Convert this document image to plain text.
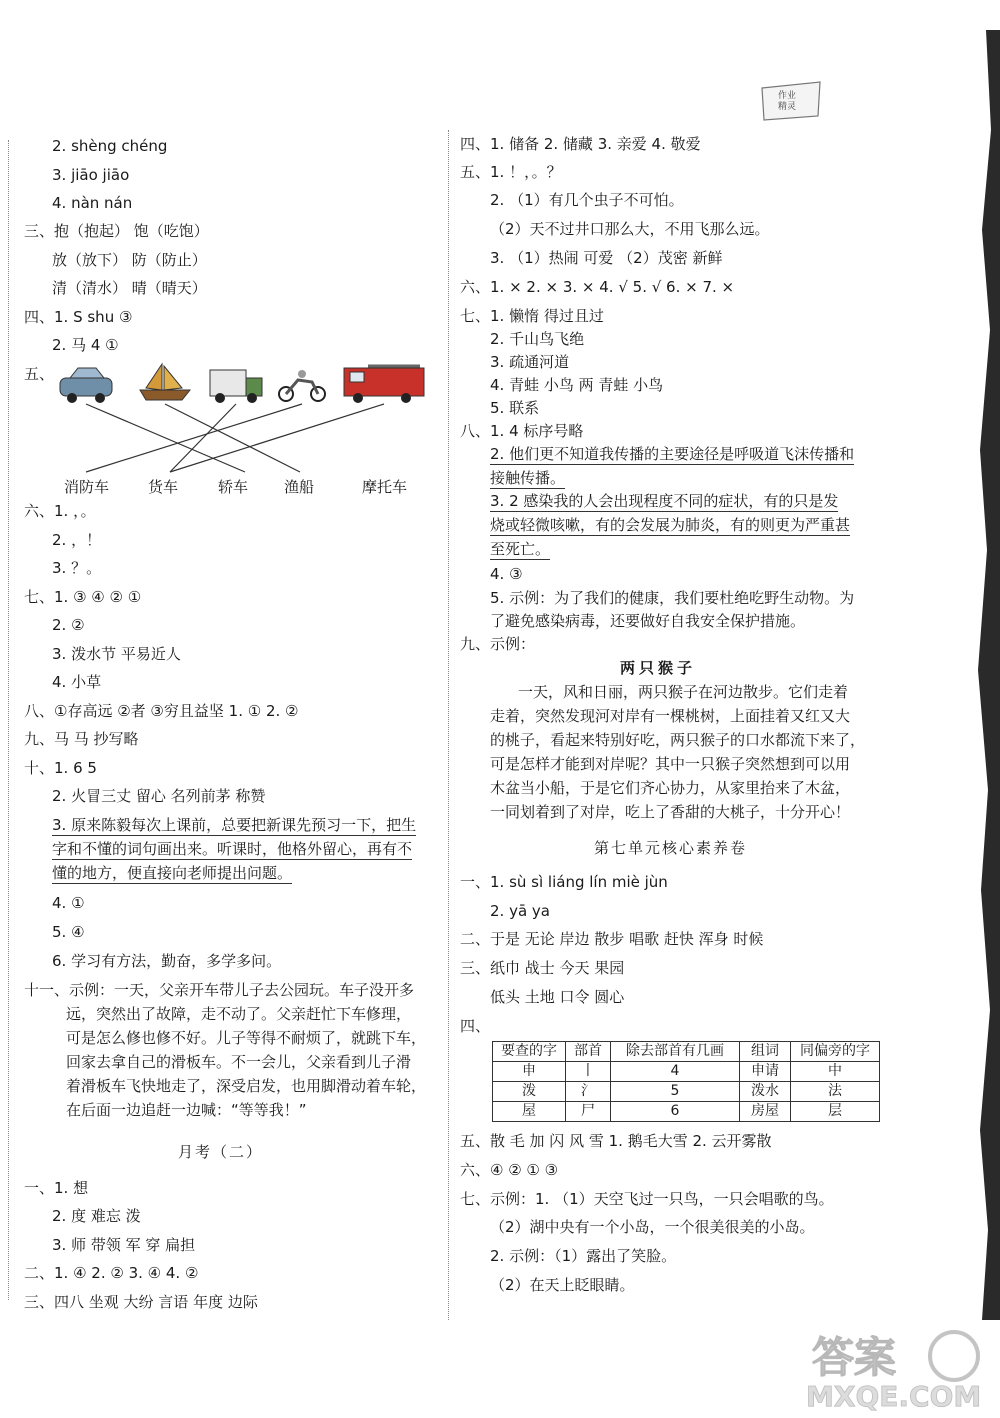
作业
精灵
2. shèng chéng
3. jiāo jiāo
4. nàn nán
三、抱（抱起） 饱（吃饱）
放（放下） 防（防止）
清（清水） 晴（晴天）
四、1. S shu ③
2. 马 4 ①
五、
消防车	货车	轿车 渔船	摩托车
六、1. ，。
2. ，！
3. ？。
七、1. ③ ④ ② ①
2. ②
3. 泼水节 平易近人
4. 小草
八、①存高远 ②者 ③穷且益坚 1. ① 2. ②
九、马 马 抄写略
十、1. 6 5
2. 火冒三丈 留心 名列前茅 称赞
3. 原来陈毅每次上课前，总要把新课先预习一下，把生
字和不懂的词句画出来。听课时，他格外留心，再有不
懂的地方，便直接向老师提出问题。
4. ①
5. ④
6. 学习有方法，勤奋，多学多问。
十一、示例：一天，父亲开车带儿子去公园玩。车子没开多
远，突然出了故障，走不动了。父亲赶忙下车修理，
可是怎么修也修不好。儿子等得不耐烦了，就跳下车，
回家去拿自己的滑板车。不一会儿，父亲看到儿子滑
着滑板车飞快地走了，深受启发，也用脚滑动着车轮，
在后面一边追赶一边喊：“等等我！”
月考（二）
一、1. 想
2. 度 难忘 泼
3. 师 带领 军 穿 扁担
二、1. ④ 2. ② 3. ④ 4. ②
三、四八 坐观 大纷 言语 年度 边际
四、1. 储备 2. 储藏 3. 亲爱 4. 敬爱
五、1. ！，。？
2. （1）有几个虫子不可怕。
（2）天不过井口那么大，不用飞那么远。
3. （1）热闹 可爱 （2）茂密 新鲜
六、1. × 2. × 3. × 4. √ 5. √ 6. × 7. ×
七、1. 懒惰 得过且过
2. 千山鸟飞绝
3. 疏通河道
4. 青蛙 小鸟 两 青蛙 小鸟
5. 联系
八、1. 4 标序号略
2. 他们更不知道我传播的主要途径是呼吸道飞沫传播和
接触传播。
3. 2 感染我的人会出现程度不同的症状，有的只是发
烧或轻微咳嗽，有的会发展为肺炎，有的则更为严重甚
至死亡。
4. ③
5. 示例：为了我们的健康，我们要杜绝吃野生动物。为
了避免感染病毒，还要做好自我安全保护措施。
九、示例：
两只猴子
一天，风和日丽，两只猴子在河边散步。它们走着
走着，突然发现河对岸有一棵桃树，上面挂着又红又大
的桃子，看起来特别好吃，两只猴子的口水都流下来了，
可是怎样才能到对岸呢？其中一只猴子突然想到可以用
木盆当小船，于是它们齐心协力，从家里抬来了木盆，
一同划着到了对岸，吃上了香甜的大桃子，十分开心！
第七单元核心素养卷
一、1. sù sì liáng lín miè jùn
2. yā ya
二、于是 无论 岸边 散步 唱歌 赶快 浑身 时候
三、纸巾 战士 今天 果园
低头 土地 口令 圆心
四、
要查的字	部首	除去部首有几画	组词	同偏旁的字
申	丨	4	申请	中
泼	氵	5	泼水	法
屋	尸	6	房屋	层
五、散 毛 加 闪 风 雪 1. 鹅毛大雪 2. 云开雾散
六、④ ② ① ③
七、示例：1. （1）天空飞过一只鸟，一只会唱歌的鸟。
（2）湖中央有一个小岛，一个很美很美的小岛。
2. 示例：（1）露出了笑脸。
（2）在天上眨眼睛。
答案
MXQE.COM
